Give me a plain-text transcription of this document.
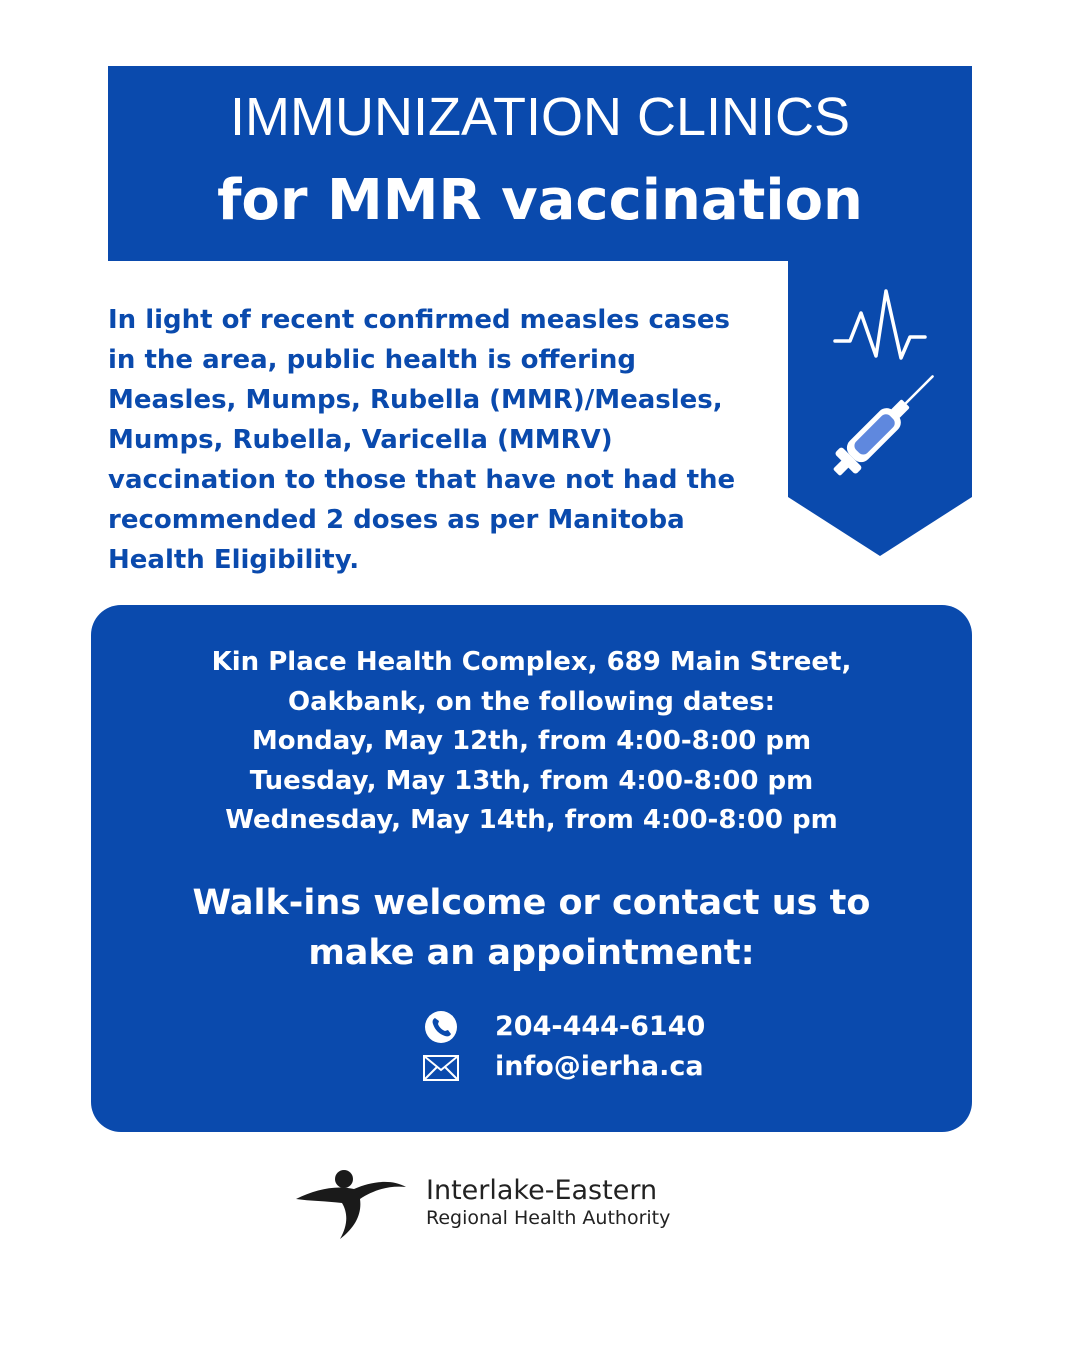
IMMUNIZATION CLINICS
for MMR vaccination
In light of recent confirmed measles cases
in the area, public health is offering
Measles, Mumps, Rubella (MMR)/Measles,
Mumps, Rubella, Varicella (MMRV)
vaccination to those that have not had the
recommended 2 doses as per Manitoba
Health Eligibility.
Kin Place Health Complex, 689 Main Street,
Oakbank, on the following dates:
Monday, May 12th, from 4:00-8:00 pm
Tuesday, May 13th, from 4:00-8:00 pm
Wednesday, May 14th, from 4:00-8:00 pm
Walk-ins welcome or contact us to
make an appointment:
204-444-6140
info@ierha.ca
Interlake-Eastern
Regional Health Authority
